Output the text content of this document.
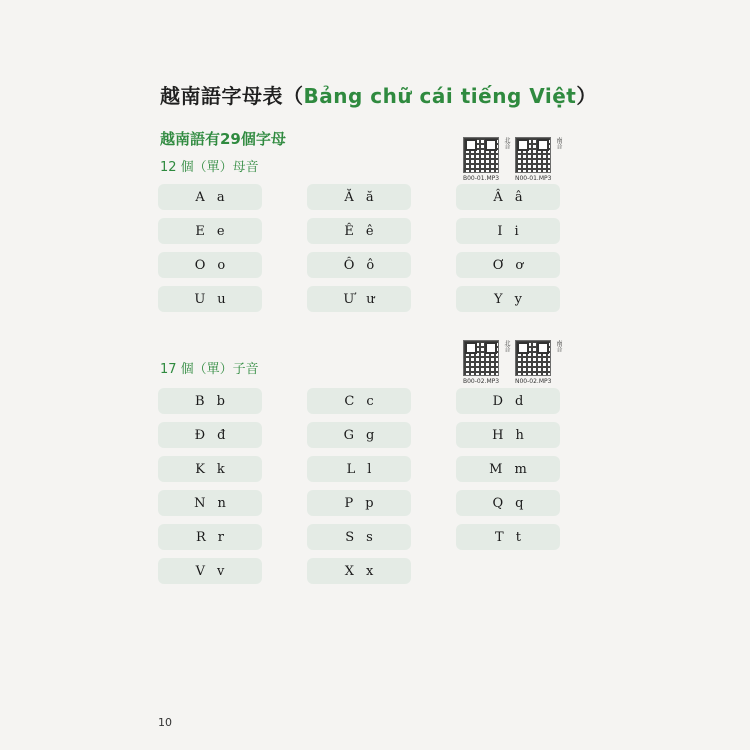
越南語字母表（Bảng chữ cái tiếng Việt）
越南語有29個字母
12 個（單）母音
北音
B00-01.MP3
南音
N00-01.MP3
A a	Ă ă	Â â
E e	Ê ê	I i
O o	Ô ô	Ơ ơ
U u	Ư ư	Y y
17 個（單）子音
北音
B00-02.MP3
南音
N00-02.MP3
B b	C c	D d
Đ đ	G g	H h
K k	L l	M m
N n	P p	Q q
R r	S s	T t
V v	X x
10
